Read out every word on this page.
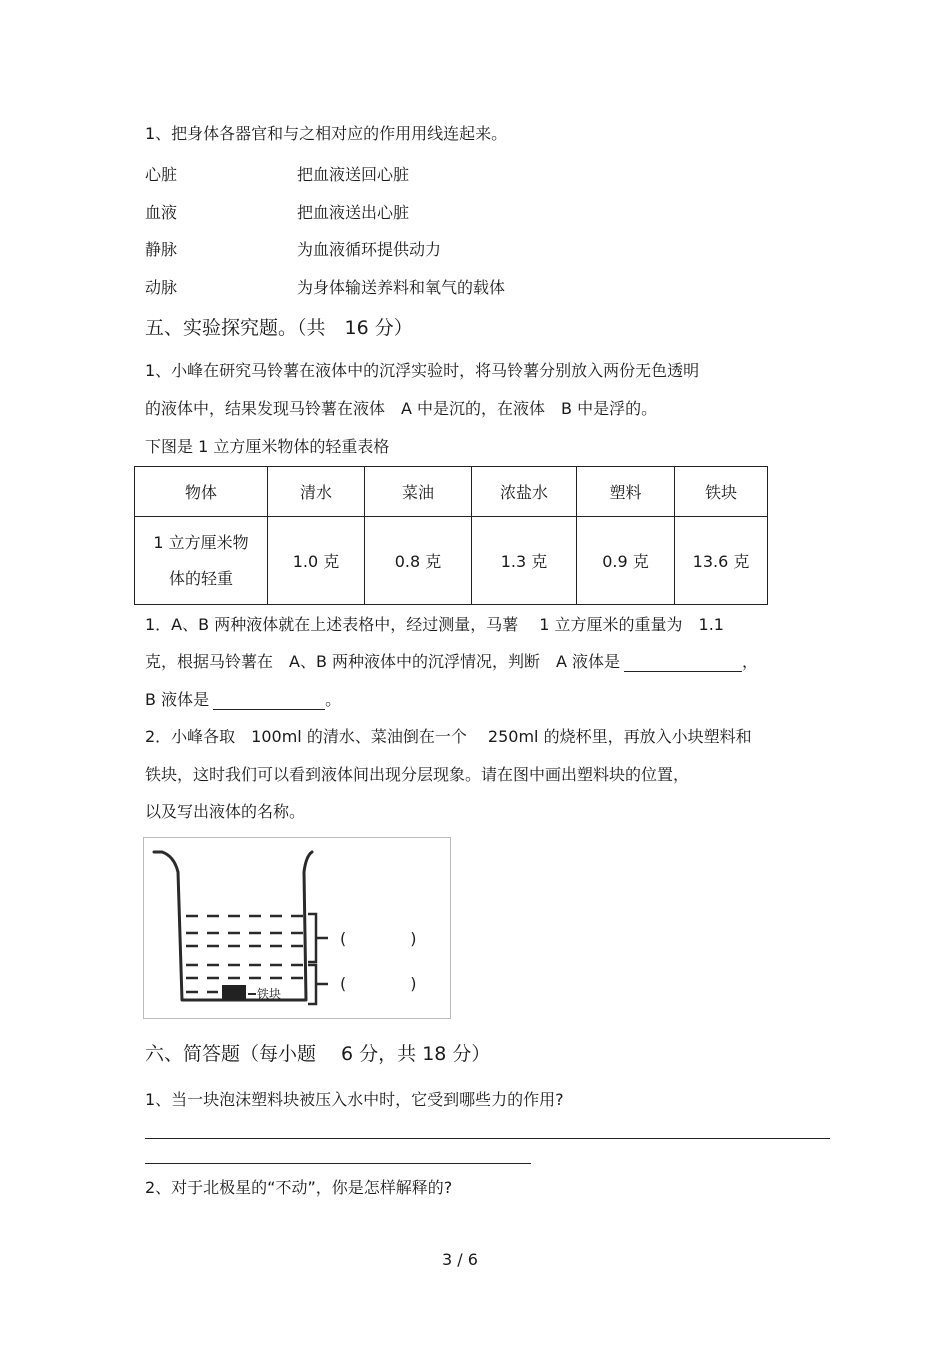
1、把身体各器官和与之相对应的作用用线连起来。
心脏	把血液送回心脏
血液	把血液送出心脏
静脉	为血液循环提供动力
动脉	为身体输送养料和氧气的载体
五、实验探究题。（共　16 分）
1、小峰在研究马铃薯在液体中的沉浮实验时，将马铃薯分别放入两份无色透明
的液体中，结果发现马铃薯在液体　A 中是沉的，在液体　B 中是浮的。
下图是 1 立方厘米物体的轻重表格
物体	清水	菜油	浓盐水	塑料	铁块

1 立方厘米物
体的轻重	1.0 克	0.8 克	1.3 克	0.9 克	13.6 克
1．A、B 两种液体就在上述表格中，经过测量，马薯　 1 立方厘米的重量为　1.1
克，根据马铃薯在　A、B 两种液体中的沉浮情况，判断　A 液体是	，
B 液体是	。
2．小峰各取　100ml 的清水、菜油倒在一个　 250ml 的烧杯里，再放入小块塑料和
铁块，这时我们可以看到液体间出现分层现象。请在图中画出塑料块的位置，
以及写出液体的名称。
铁块
(　　　　)
(　　　　)
六、简答题（每小题　 6 分，共 18 分）
1、当一块泡沫塑料块被压入水中时，它受到哪些力的作用?
2、对于北极星的“不动”，你是怎样解释的?
3 / 6
